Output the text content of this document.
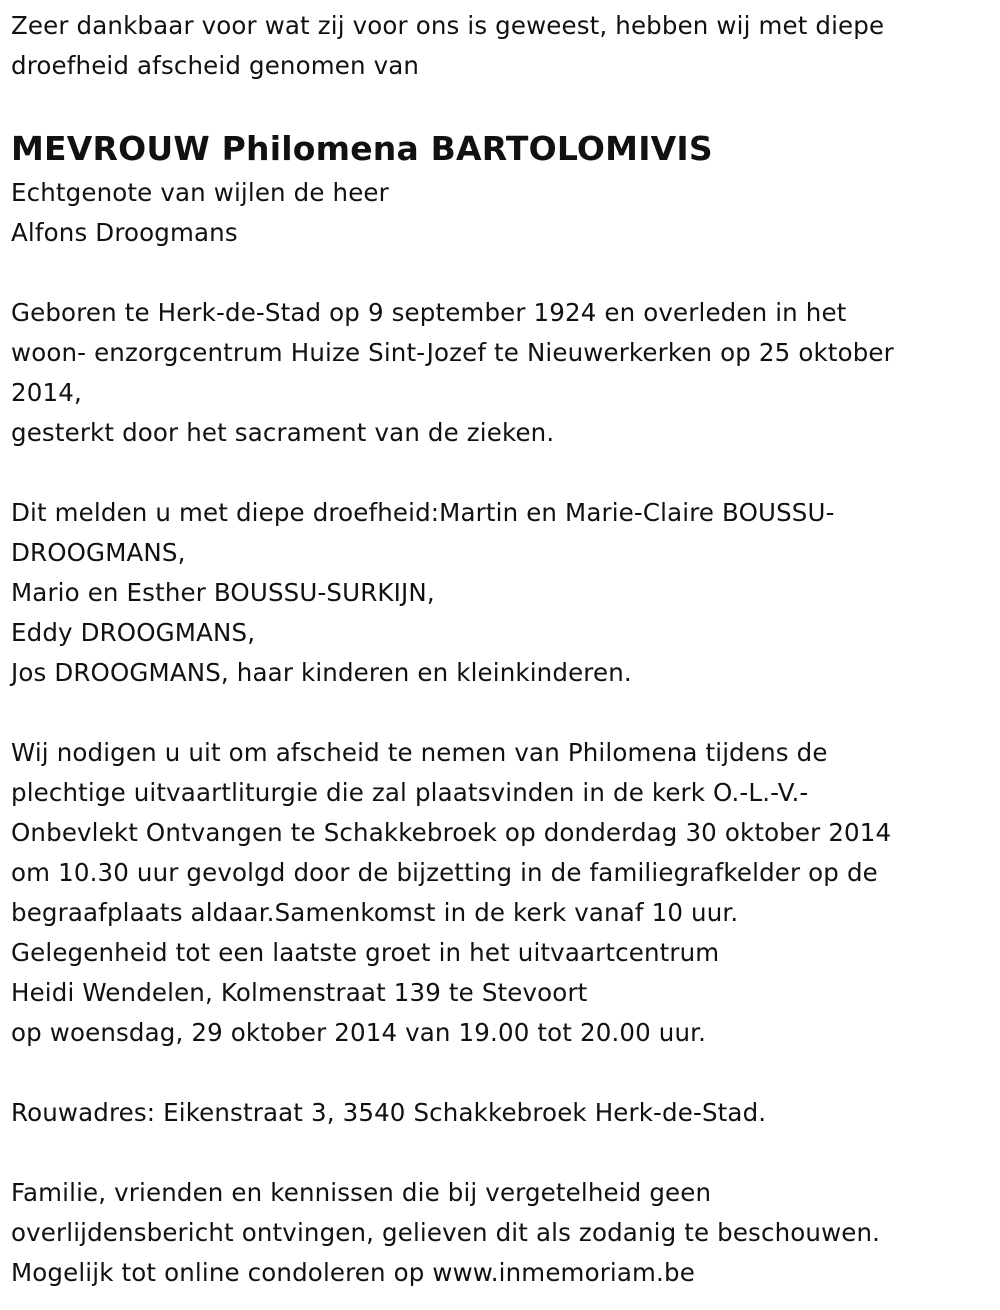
Zeer dankbaar voor wat zij voor ons is geweest, hebben wij met diepe
droefheid afscheid genomen van
MEVROUW Philomena BARTOLOMIVIS
Echtgenote van wijlen de heer
Alfons Droogmans
Geboren te Herk-de-Stad op 9 september 1924 en overleden in het
woon- enzorgcentrum Huize Sint-Jozef te Nieuwerkerken op 25 oktober
2014,
gesterkt door het sacrament van de zieken.
Dit melden u met diepe droefheid:Martin en Marie-Claire BOUSSU-
DROOGMANS,
Mario en Esther BOUSSU-SURKIJN,
Eddy DROOGMANS,
Jos DROOGMANS, haar kinderen en kleinkinderen.
Wij nodigen u uit om afscheid te nemen van Philomena tijdens de
plechtige uitvaartliturgie die zal plaatsvinden in de kerk O.-L.-V.-
Onbevlekt Ontvangen te Schakkebroek op donderdag 30 oktober 2014
om 10.30 uur gevolgd door de bijzetting in de familiegrafkelder op de
begraafplaats aldaar.Samenkomst in de kerk vanaf 10 uur.
Gelegenheid tot een laatste groet in het uitvaartcentrum
Heidi Wendelen, Kolmenstraat 139 te Stevoort
op woensdag, 29 oktober 2014 van 19.00 tot 20.00 uur.
Rouwadres: Eikenstraat 3, 3540 Schakkebroek Herk-de-Stad.
Familie, vrienden en kennissen die bij vergetelheid geen
overlijdensbericht ontvingen, gelieven dit als zodanig te beschouwen.
Mogelijk tot online condoleren op www.inmemoriam.be
